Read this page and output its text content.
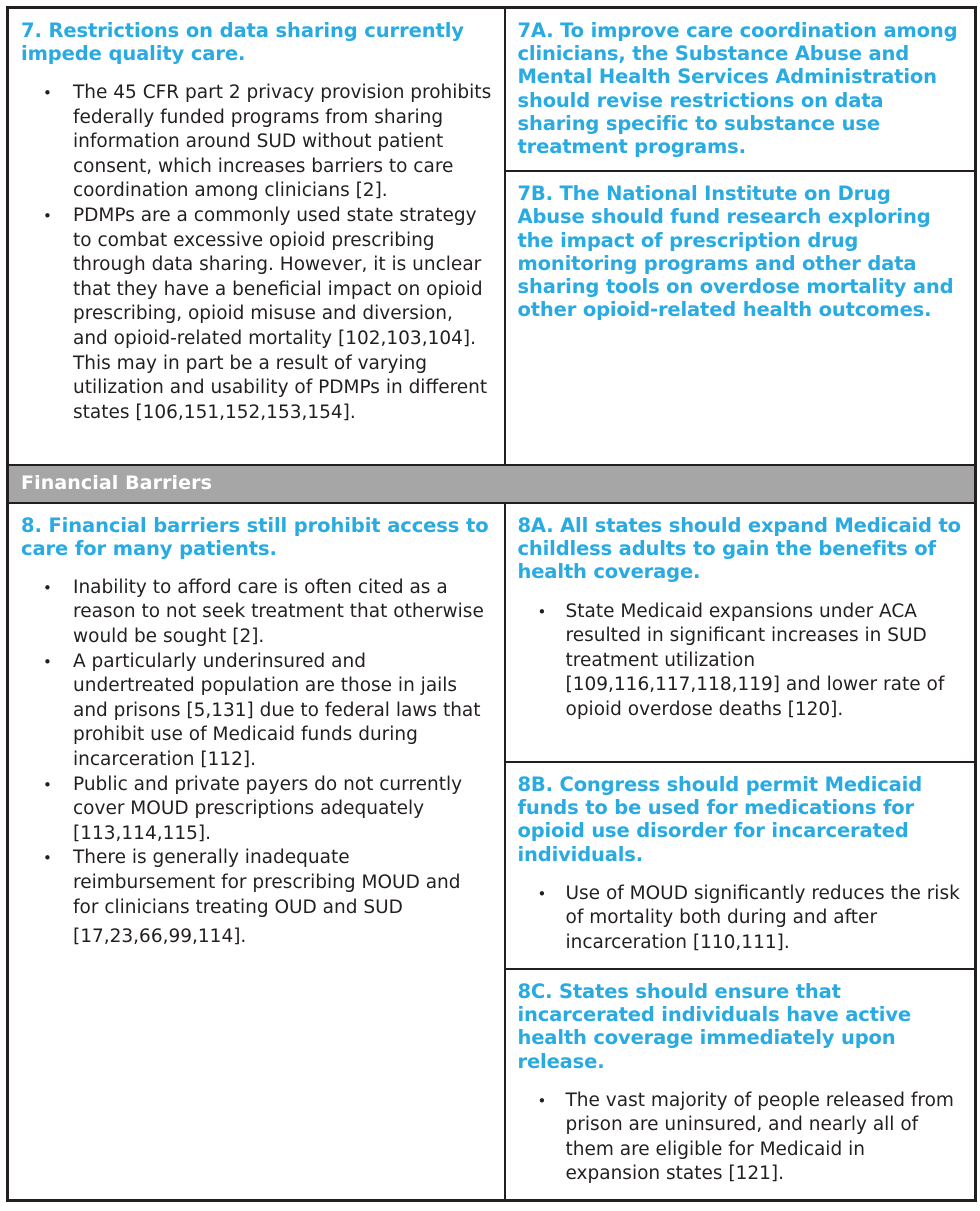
7. Restrictions on data sharing currently impede quality care.
• The 45 CFR part 2 privacy provision prohibits federally funded programs from sharing information around SUD without patient consent, which increases barriers to care coordination among clinicians [2].
• PDMPs are a commonly used state strategy to combat excessive opioid prescribing through data sharing. However, it is unclear that they have a beneficial impact on opioid prescribing, opioid misuse and diversion, and opioid-related mortality [102,103,104]. This may in part be a result of varying utilization and usability of PDMPs in different states [106,151,152,153,154].

7A. To improve care coordination among clinicians, the Substance Abuse and Mental Health Services Administration should revise restrictions on data sharing specific to substance use treatment programs.

	7B. The National Institute on Drug Abuse should fund research exploring the impact of prescription drug monitoring programs and other data sharing tools on overdose mortality and other opioid-related health outcomes.

Financial Barriers	

8. Financial barriers still prohibit access to care for many patients.
• Inability to afford care is often cited as a reason to not seek treatment that otherwise would be sought [2].
• A particularly underinsured and undertreated population are those in jails and prisons [5,131] due to federal laws that prohibit use of Medicaid funds during incarceration [112].
• Public and private payers do not currently cover MOUD prescriptions adequately [113,114,115].
• There is generally inadequate reimbursement for prescribing MOUD and for clinicians treating OUD and SUD
[17,23,66,99,114].

8A. All states should expand Medicaid to childless adults to gain the benefits of health coverage.
• State Medicaid expansions under ACA resulted in significant increases in SUD treatment utilization [109,116,117,118,119] and lower rate of opioid overdose deaths [120].

8B. Congress should permit Medicaid funds to be used for medications for opioid use disorder for incarcerated individuals.
• Use of MOUD significantly reduces the risk of mortality both during and after incarceration [110,111].

8C. States should ensure that incarcerated individuals have active health coverage immediately upon release.
• The vast majority of people released from prison are uninsured, and nearly all of them are eligible for Medicaid in expansion states [121].
